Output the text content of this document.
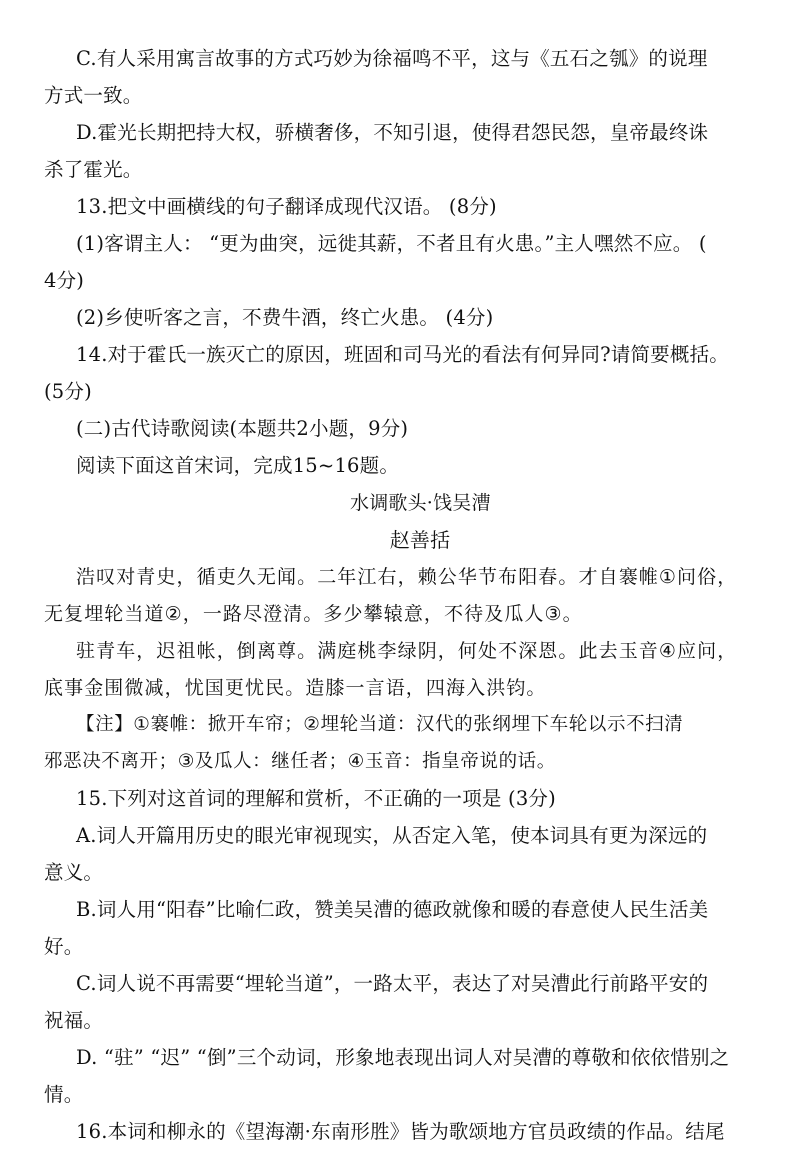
C.有人采用寓言故事的方式巧妙为徐福鸣不平，这与《五石之瓠》的说理
方式一致。
D.霍光长期把持大权，骄横奢侈，不知引退，使得君怨民怨，皇帝最终诛
杀了霍光。
13.把文中画横线的句子翻译成现代汉语。 (8分)
(1)客谓主人： “更为曲突，远徙其薪，不者且有火患。”主人嘿然不应。 (
4分)
(2)乡使听客之言，不费牛酒，终亡火患。 (4分)
14.对于霍氏一族灭亡的原因，班固和司马光的看法有何异同?请简要概括。
(5分)
(二)古代诗歌阅读(本题共2小题，9分)
阅读下面这首宋词，完成15~16题。
水调歌头·饯吴漕
赵善括
浩叹对青史，循吏久无闻。二年江右，赖公华节布阳春。才自褰帷①问俗，
无复埋轮当道②，一路尽澄清。多少攀辕意，不待及瓜人③。
驻青车，迟祖帐，倒离尊。满庭桃李绿阴，何处不深恩。此去玉音④应问，
底事金围微减，忧国更忧民。造膝一言语，四海入洪钧。
【注】①褰帷：掀开车帘；②埋轮当道：汉代的张纲埋下车轮以示不扫清
邪恶决不离开；③及瓜人：继任者；④玉音：指皇帝说的话。
15.下列对这首词的理解和赏析，不正确的一项是 (3分)
A.词人开篇用历史的眼光审视现实，从否定入笔，使本词具有更为深远的
意义。
B.词人用“阳春”比喻仁政，赞美吴漕的德政就像和暖的春意使人民生活美
好。
C.词人说不再需要“埋轮当道”，一路太平，表达了对吴漕此行前路平安的
祝福。
D. “驻” “迟” “倒”三个动词，形象地表现出词人对吴漕的尊敬和依依惜别之
情。
16.本词和柳永的《望海潮·东南形胜》皆为歌颂地方官员政绩的作品。结尾
